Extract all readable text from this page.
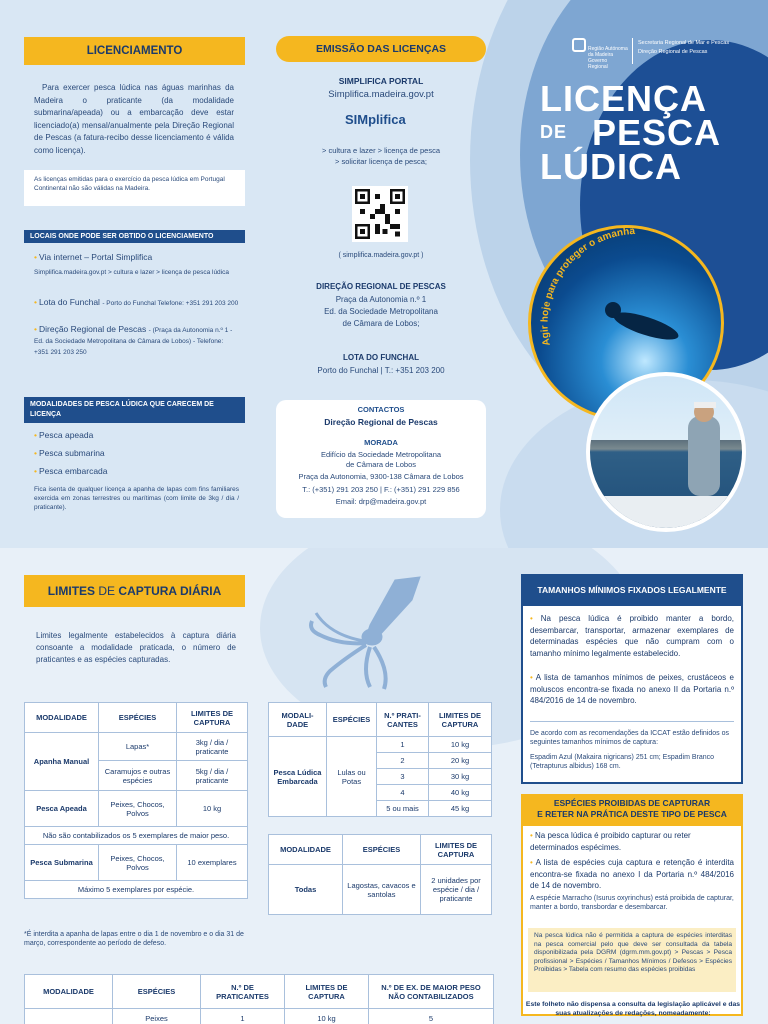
Região Autónoma da Madeira
Governo Regional
Secretaria Regional de Mar e Pescas
Direção Regional de Pescas
LICENÇA
DE PESCA
LÚDICA
Agir hoje para proteger o amanhã
LICENCIAMENTO
Para exercer pesca lúdica nas águas marinhas da Madeira o praticante (da modalidade submarina/apeada) ou a embarcação deve estar licenciado(a) mensal/anualmente pela Direção Regional de Pescas (a fatura-recibo desse licenciamento é válida como licença).
As licenças emitidas para o exercício da pesca lúdica em Portugal Continental não são válidas na Madeira.
LOCAIS ONDE PODE SER OBTIDO O LICENCIAMENTO
• Via internet – Portal Simplifica
Simplifica.madeira.gov.pt > cultura e lazer > licença de pesca lúdica
• Lota do Funchal - Porto do Funchal Telefone: +351 291 203 200
• Direção Regional de Pescas - (Praça da Autonomia n.º 1 - Ed. da Sociedade Metropolitana de Câmara de Lobos) - Telefone: +351 291 203 250
MODALIDADES DE PESCA LÚDICA QUE CARECEM DE LICENÇA
• Pesca apeada
• Pesca submarina
• Pesca embarcada
Fica isenta de qualquer licença a apanha de lapas com fins familiares exercida em zonas terrestres ou marítimas (com limite de 3kg / dia / praticante).
EMISSÃO DAS LICENÇAS
SIMPLIFICA PORTAL
Simplifica.madeira.gov.pt
SIMplifica
> cultura e lazer > licença de pesca
> solicitar licença de pesca;
( simplifica.madeira.gov.pt )
DIREÇÃO REGIONAL DE PESCAS
Praça da Autonomia n.º 1
Ed. da Sociedade Metropolitana
de Câmara de Lobos;
LOTA DO FUNCHAL
Porto do Funchal | T.: +351 203 200
CONTACTOS
Direção Regional de Pescas
MORADA
Edifício da Sociedade Metropolitana
de Câmara de Lobos
Praça da Autonomia, 9300-138 Câmara de Lobos
T.: (+351) 291 203 250 | F.: (+351) 291 229 856
Email: drp@madeira.gov.pt
LIMITES DE CAPTURA DIÁRIA
Limites legalmente estabelecidos à captura diária consoante a modalidade praticada, o número de praticantes e as espécies capturadas.
MODALIDADE	ESPÉCIES	LIMITES DE CAPTURA
Apanha Manual	Lapas*	3kg / dia / praticante
	Caramujos e outras espécies	5kg / dia / praticante
Pesca Apeada	Peixes, Chocos, Polvos	10 kg
Não são contabilizados os 5 exemplares de maior peso.		
Pesca Submarina	Peixes, Chocos, Polvos	10 exemplares
Máximo 5 exemplares por espécie.		
*É interdita a apanha de lapas entre o dia 1 de novembro e o dia 31 de março, correspondente ao período de defeso.
MODALI-DADE	ESPÉCIES	N.º PRATI-CANTES	LIMITES DE CAPTURA
Pesca Lúdica Embarcada	Lulas ou Potas	1	10 kg
		2	20 kg
		3	30 kg
		4	40 kg
		5 ou mais	45 kg
MODALIDADE	ESPÉCIES	LIMITES DE CAPTURA
Todas	Lagostas, cavacos e santolas	2 unidades por espécie / dia / praticante
MODALIDADE	ESPÉCIES	N.º DE PRATICANTES	LIMITES DE CAPTURA	N.º DE EX. DE MAIOR PESO NÃO CONTABILIZADOS
	Peixes	1	10 kg	5
TAMANHOS MÍNIMOS FIXADOS LEGALMENTE
• Na pesca lúdica é proibido manter a bordo, desembarcar, transportar, armazenar exemplares de determinadas espécies que não cumpram com o tamanho mínimo legalmente estabelecido.
• A lista de tamanhos mínimos de peixes, crustáceos e moluscos encontra-se fixada no anexo II da Portaria n.º 484/2016 de 14 de novembro.
De acordo com as recomendações da ICCAT estão definidos os seguintes tamanhos mínimos de captura:
Espadim Azul (Makaira nigricans) 251 cm; Espadim Branco (Tetrapturus albidus) 168 cm.
ESPÉCIES PROIBIDAS DE CAPTURAR
E RETER NA PRÁTICA DESTE TIPO DE PESCA
• Na pesca lúdica é proibido capturar ou reter determinados espécimes.
• A lista de espécies cuja captura e retenção é interdita encontra-se fixada no anexo I da Portaria n.º 484/2016 de 14 de novembro.
A espécie Marracho (Isurus oxyrinchus) está proibida de capturar, manter a bordo, transbordar e desembarcar.
Na pesca lúdica não é permitida a captura de espécies interditas na pesca comercial pelo que deve ser consultada da tabela disponibilizada pela DGRM (dgrm.mm.gov.pt) > Pescas > Pesca profissional > Espécies / Tamanhos Mínimos / Defesos > Espécies Proibidas > Tabela com resumo das espécies proibidas
Este folheto não dispensa a consulta da legislação aplicável e das suas atualizações de redações, nomeadamente:
